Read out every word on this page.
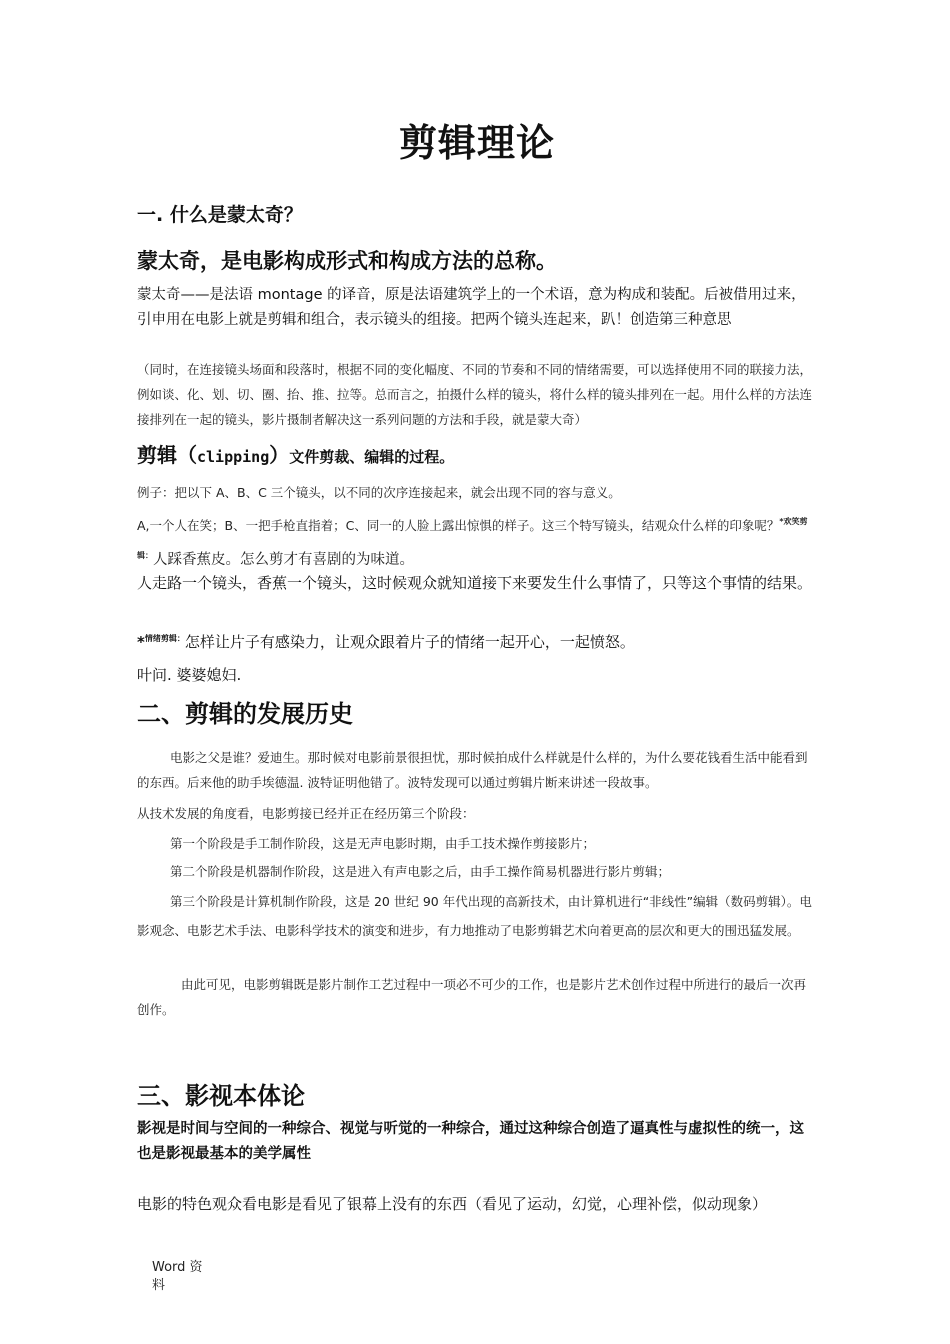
剪辑理论
一. 什么是蒙太奇？
蒙太奇，是电影构成形式和构成方法的总称。
蒙太奇——是法语 montage 的译音，原是法语建筑学上的一个术语，意为构成和装配。后被借用过来，引申用在电影上就是剪辑和组合，表示镜头的组接。把两个镜头连起来，趴！创造第三种意思
（同时，在连接镜头场面和段落时，根据不同的变化幅度、不同的节奏和不同的情绪需要，可以选择使用不同的联接力法，例如谈、化、划、切、圈、抬、推、拉等。总而言之，拍摄什么样的镜头，将什么样的镜头排列在一起。用什么样的方法连接排列在一起的镜头，影片摄制者解决这一系列问题的方法和手段，就是蒙大奇）
剪辑（clipping）文件剪裁、编辑的过程。
例子：把以下 A、B、C 三个镜头，以不同的次序连接起来，就会出现不同的容与意义。
A,一个人在笑；B、一把手枪直指着；C、同一的人脸上露出惊惧的样子。这三个特写镜头，结观众什么样的印象呢？$^{*欢笑剪辑:}$人踩香蕉皮。怎么剪才有喜剧的为味道。
人走路一个镜头，香蕉一个镜头，这时候观众就知道接下来要发生什么事情了，只等这个事情的结果。
*$^{情绪剪辑:}$怎样让片子有感染力，让观众跟着片子的情绪一起开心，一起愤怒。
叶问. 婆婆媳妇.
二、剪辑的发展历史
电影之父是谁？爱迪生。那时候对电影前景很担忧，那时候拍成什么样就是什么样的，为什么要花钱看生活中能看到的东西。后来他的助手埃德温. 波特证明他错了。波特发现可以通过剪辑片断来讲述一段故事。
从技术发展的角度看，电影剪接已经并正在经历第三个阶段：
第一个阶段是手工制作阶段，这是无声电影时期，由手工技术操作剪接影片；
第二个阶段是机器制作阶段，这是进入有声电影之后，由手工操作简易机器进行影片剪辑；
第三个阶段是计算机制作阶段，这是 20 世纪 90 年代出现的高新技术，由计算机进行“非线性”编辑（数码剪辑）。电影观念、电影艺术手法、电影科学技术的演变和进步，有力地推动了电影剪辑艺术向着更高的层次和更大的围迅猛发展。
由此可见，电影剪辑既是影片制作工艺过程中一项必不可少的工作，也是影片艺术创作过程中所进行的最后一次再创作。
三、影视本体论
影视是时间与空间的一种综合、视觉与听觉的一种综合，通过这种综合创造了逼真性与虚拟性的统一，这也是影视最基本的美学属性
电影的特色观众看电影是看见了银幕上没有的东西（看见了运动，幻觉，心理补偿，似动现象）
Word 资料
